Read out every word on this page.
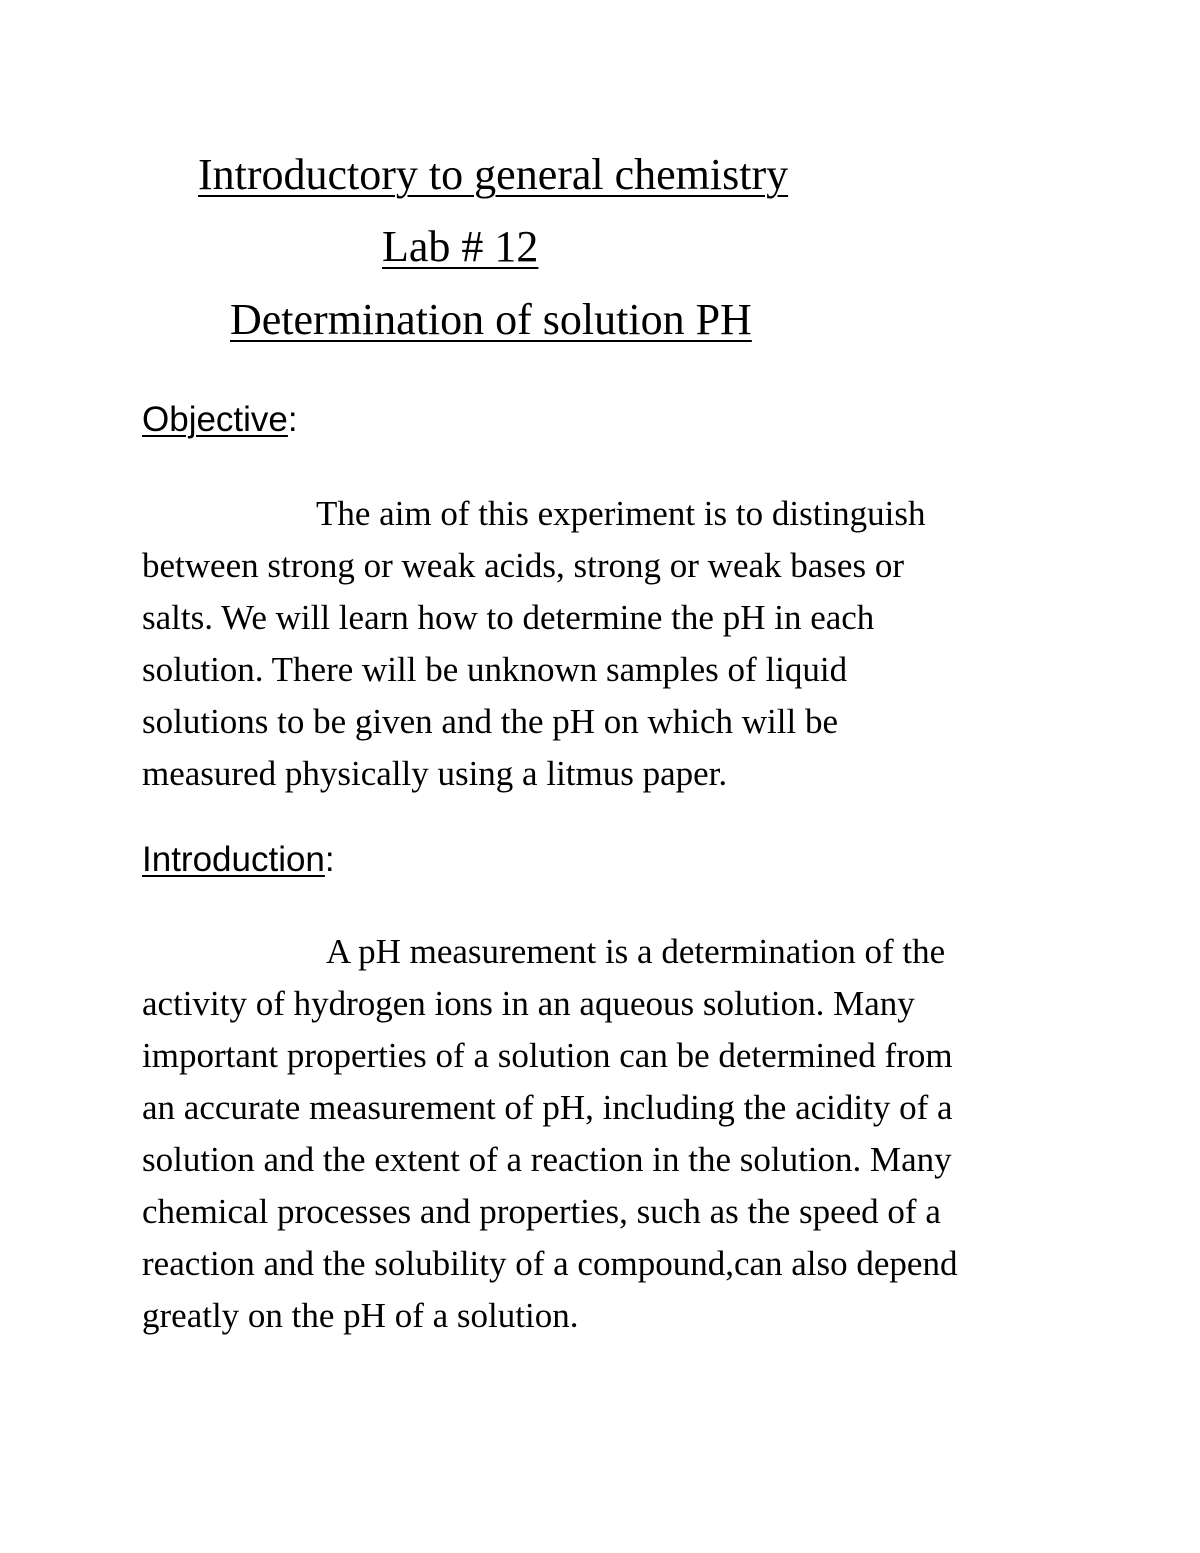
Introductory to general chemistry
Lab # 12
Determination of solution PH
Objective:

The aim of this experiment is to distinguish
between strong or weak acids, strong or weak bases or
salts. We will learn how to determine the pH in each
solution. There will be unknown samples of liquid
solutions to be given and the pH on which will be
measured physically using a litmus paper.

Introduction:

A pH measurement is a determination of the
activity of hydrogen ions in an aqueous solution. Many
important properties of a solution can be determined from
an accurate measurement of pH, including the acidity of a
solution and the extent of a reaction in the solution. Many
chemical processes and properties, such as the speed of a
reaction and the solubility of a compound,can also depend
greatly on the pH of a solution.
